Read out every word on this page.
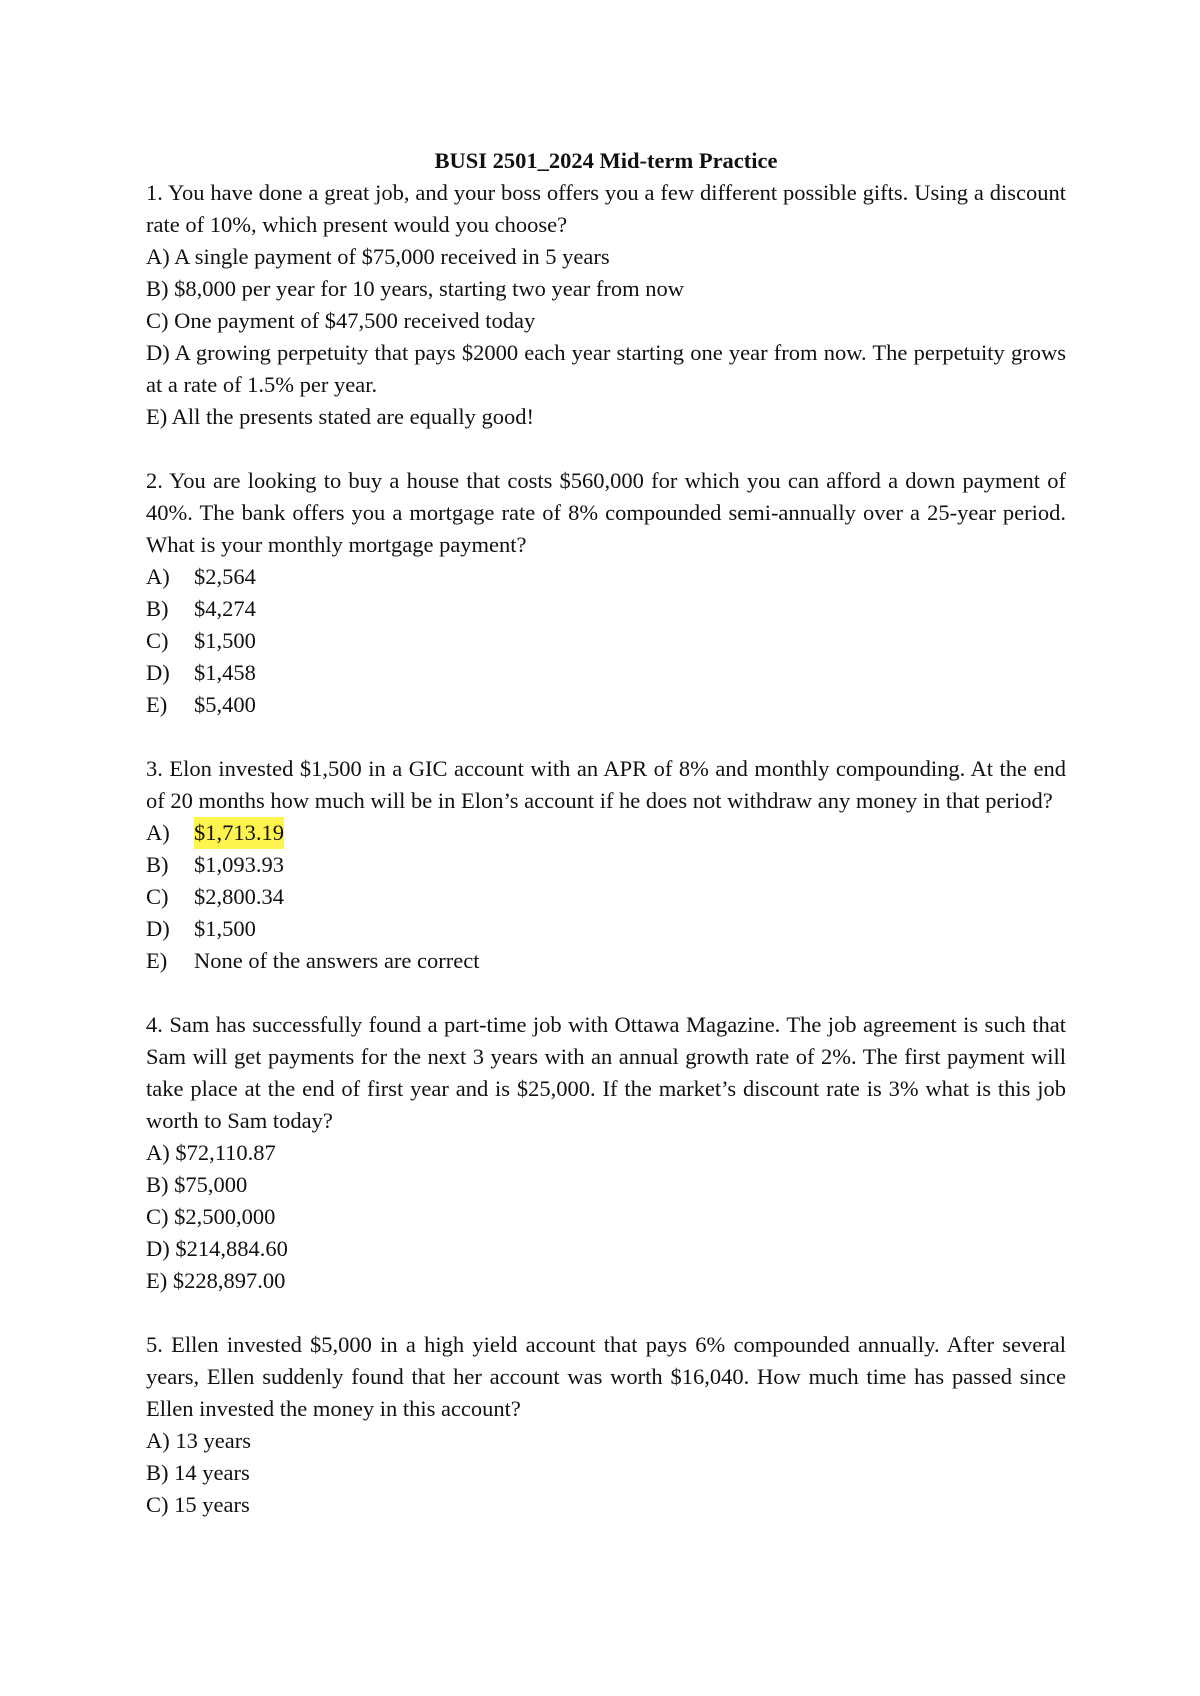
BUSI 2501_2024 Mid-term Practice

1. You have done a great job, and your boss offers you a few different possible gifts. Using a discount rate of 10%, which present would you choose?

A) A single payment of $75,000 received in 5 years

B) $8,000 per year for 10 years, starting two year from now

C) One payment of $47,500 received today

D) A growing perpetuity that pays $2000 each year starting one year from now. The perpetuity grows at a rate of 1.5% per year.

E) All the presents stated are equally good!

2. You are looking to buy a house that costs $560,000 for which you can afford a down payment of 40%. The bank offers you a mortgage rate of 8% compounded semi-annually over a 25-year period. What is your monthly mortgage payment?

A) $2,564

B) $4,274

C) $1,500

D) $1,458

E) $5,400

3. Elon invested $1,500 in a GIC account with an APR of 8% and monthly compounding. At the end of 20 months how much will be in Elon’s account if he does not withdraw any money in that period?

A) $1,713.19

B) $1,093.93

C) $2,800.34

D) $1,500

E) None of the answers are correct

4. Sam has successfully found a part-time job with Ottawa Magazine. The job agreement is such that Sam will get payments for the next 3 years with an annual growth rate of 2%. The first payment will take place at the end of first year and is $25,000. If the market’s discount rate is 3% what is this job worth to Sam today?

A) $72,110.87

B) $75,000

C) $2,500,000

D) $214,884.60

E) $228,897.00

5. Ellen invested $5,000 in a high yield account that pays 6% compounded annually. After several years, Ellen suddenly found that her account was worth $16,040. How much time has passed since Ellen invested the money in this account?

A) 13 years

B) 14 years

C) 15 years
